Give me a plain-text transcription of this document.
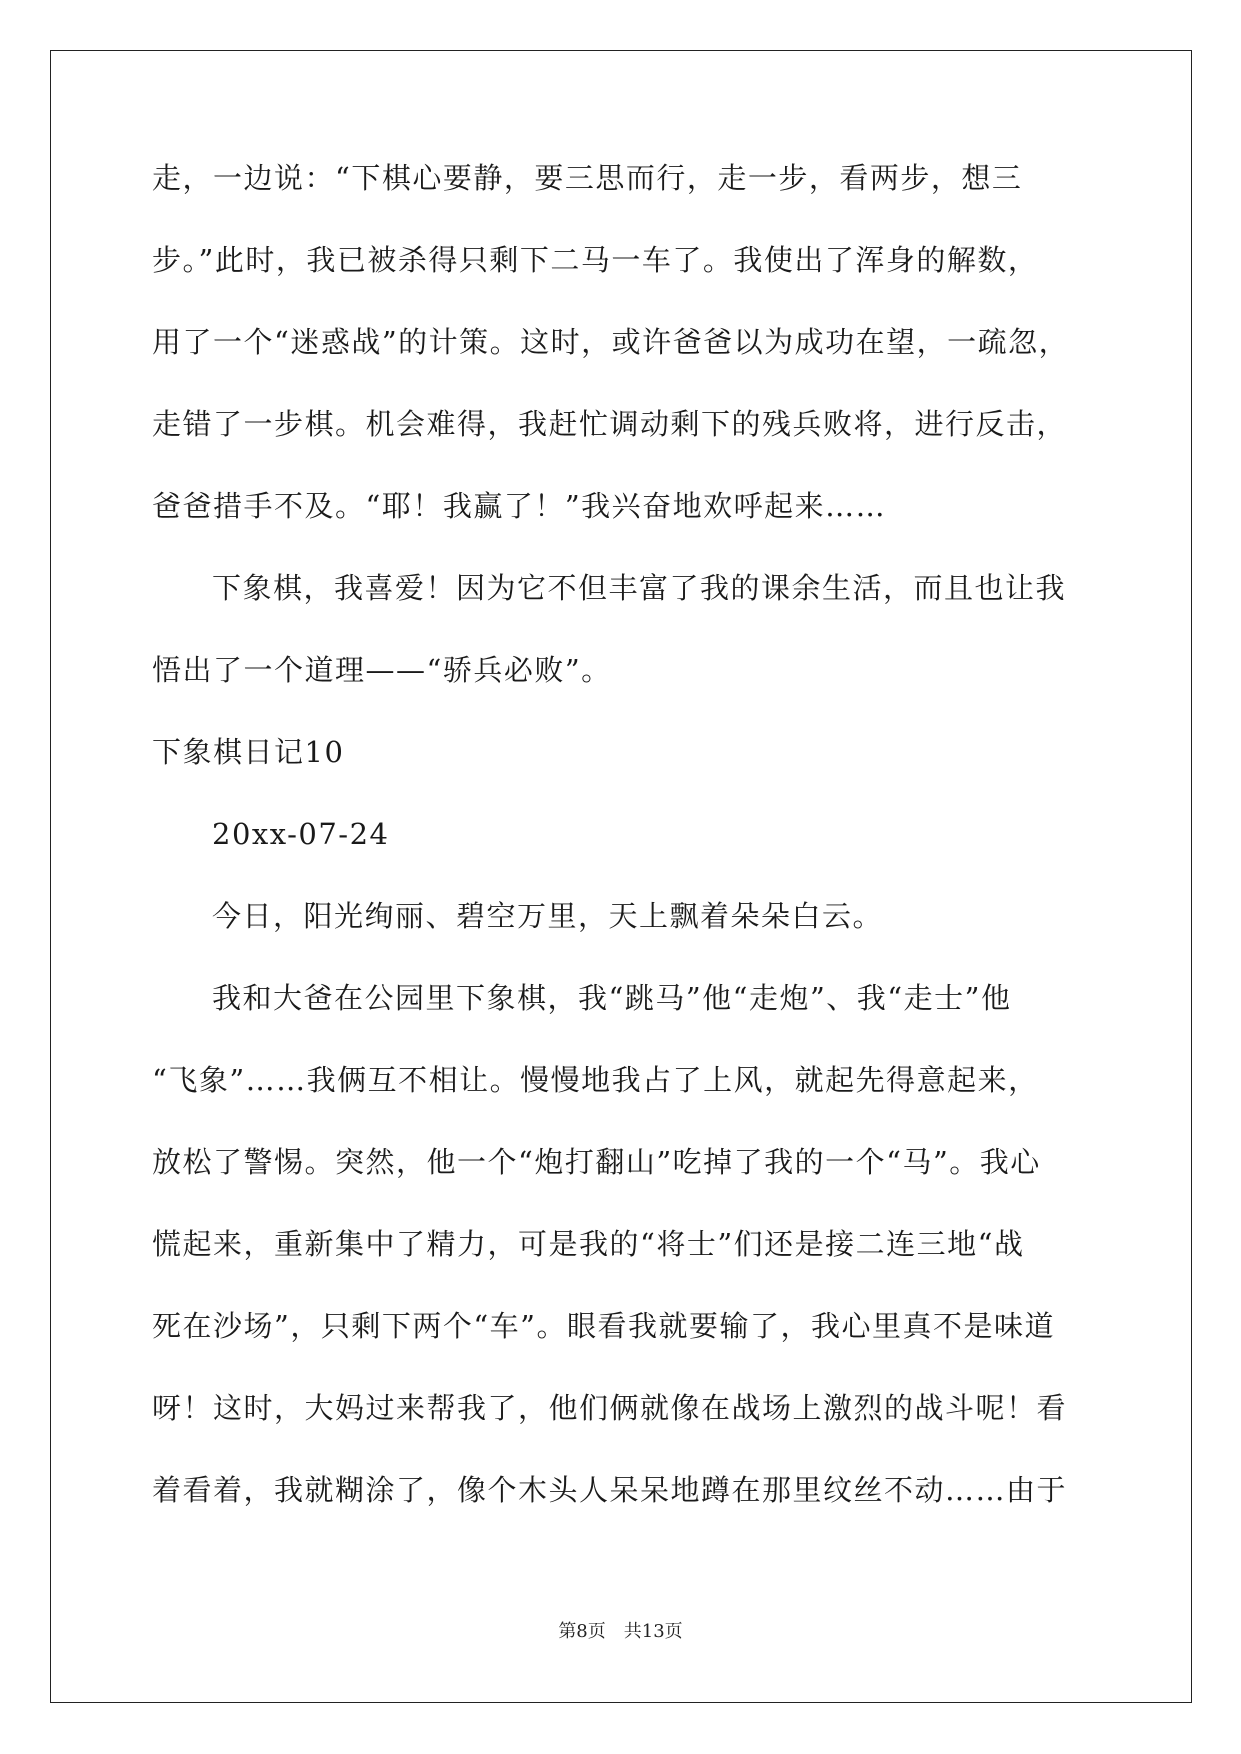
走，一边说：“下棋心要静，要三思而行，走一步，看两步，想三
步。”此时，我已被杀得只剩下二马一车了。我使出了浑身的解数，
用了一个“迷惑战”的计策。这时，或许爸爸以为成功在望，一疏忽，
走错了一步棋。机会难得，我赶忙调动剩下的残兵败将，进行反击，
爸爸措手不及。“耶！我赢了！”我兴奋地欢呼起来……
下象棋，我喜爱！因为它不但丰富了我的课余生活，而且也让我
悟出了一个道理——“骄兵必败”。
下象棋日记10
20xx-07-24
今日，阳光绚丽、碧空万里，天上飘着朵朵白云。
我和大爸在公园里下象棋，我“跳马”他“走炮”、我“走士”他
“飞象”……我俩互不相让。慢慢地我占了上风，就起先得意起来，
放松了警惕。突然，他一个“炮打翻山”吃掉了我的一个“马”。我心
慌起来，重新集中了精力，可是我的“将士”们还是接二连三地“战
死在沙场”，只剩下两个“车”。眼看我就要输了，我心里真不是味道
呀！这时，大妈过来帮我了，他们俩就像在战场上激烈的战斗呢！看
着看着，我就糊涂了，像个木头人呆呆地蹲在那里纹丝不动……由于
第8页　共13页
